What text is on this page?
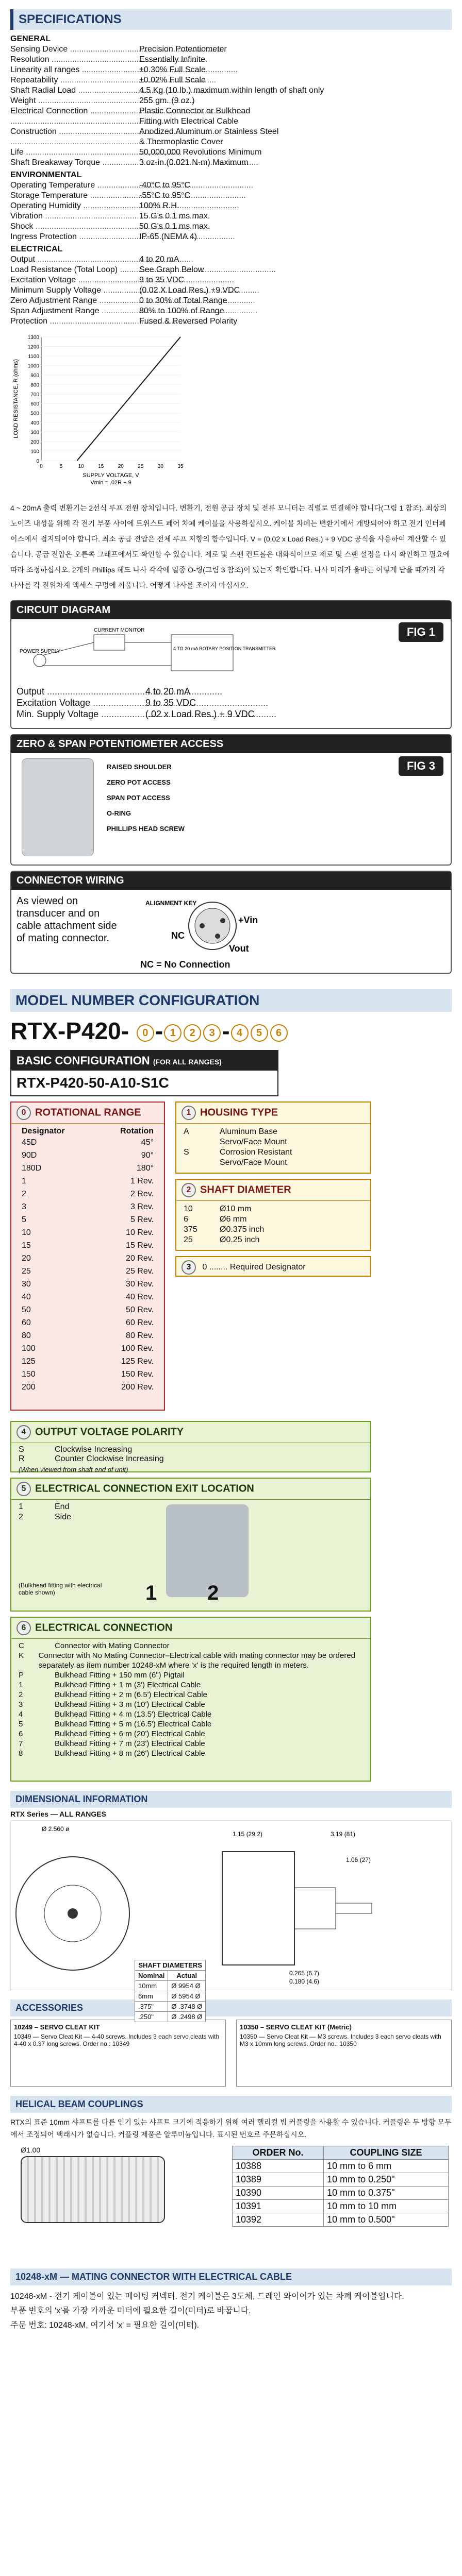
SPECIFICATIONS
GENERAL
Sensing Device .....	Precision Potentiometer
Resolution .....	Essentially Infinite
Linearity all ranges .....	±0.30% Full Scale
Repeatability .....	±0.02% Full Scale
Shaft Radial Load .....	4.5 Kg (10 lb.) maximum within length of shaft only
Weight .....	255 gm. (9 oz.)
Electrical Connection .....	Plastic Connector or Bulkhead
.....
Fitting with Electrical Cable
Construction .....	Anodized Aluminum or Stainless Steel
.....
& Thermoplastic Cover
Life .....	50,000,000 Revolutions Minimum
Shaft Breakaway Torque .....	3 oz-in.(0.021 N-m) Maximum
ENVIRONMENTAL
Operating Temperature .....	-40°C to 95°C
Storage Temperature .....	-55°C to 95°C
Operating Humidity .....	100% R.H.
Vibration .....	15 G's 0.1 ms max.
Shock .....	50 G's 0.1 ms max.
Ingress Protection .....	IP-65 (NEMA 4)
ELECTRICAL
Output .....	4 to 20 mA
Load Resistance (Total Loop) .....	See Graph Below
Excitation Voltage .....	9 to 35 VDC
Minimum Supply Voltage .....	(0.02 X Load Res.) +9 VDC
Zero Adjustment Range .....	0 to 30% of Total Range
Span Adjustment Range .....	80% to 100% of Range
Protection .....	Fused & Reversed Polarity
0
100
200
300
400
500
600
700
800
900
1000
1100
1200
1300
0	5	10	15	20	25	30	35
SUPPLY VOLTAGE, V
Vmin = .02R + 9
LOAD RESISTANCE, R (ohms)
4 ~ 20mA 출력 변환기는 2선식 루프 전원 장치입니다. 변환기, 전원 공급 장치 및 전류 모니터는 직렬로 연결해야 합니다(그림 1 참조). 최상의 노이즈 내성을 위해 각 전기 부품 사이에 트위스트 페어 차폐 케이블을 사용하십시오. 케이블 차폐는 변환기에서 개방되어야 하고 전기 인터페이스에서 접지되어야 합니다. 최소 공급 전압은 전체 루프 저항의 함수입니다. V = (0.02 x Load Res.) + 9 VDC 공식을 사용하여 계산할 수 있습니다. 공급 전압은 오른쪽 그래프에서도 확인할 수 있습니다. 제로 및 스팬 컨트롤은 대화식이므로 제로 및 스팬 설정을 다시 확인하고 필요에 따라 조정하십시오. 2개의 Phillips 헤드 나사 각각에 일종 O-링(그림 3 참조)이 있는지 확인합니다. 나사 머리가 올바른 어떻게 닫을 때까지 각 나사를 각 전위차계 액세스 구멍에 끼웁니다. 어떻게 나사를 조이지 마십시오.
CIRCUIT DIAGRAM
FIG 1
POWER SUPPLY
CURRENT MONITOR
4 TO 20 mA ROTARY POSITION TRANSMITTER
Output .....	4 to 20 mA
Excitation Voltage .....	9 to 35 VDC
Min. Supply Voltage .....	(.02 x Load Res.) + 9 VDC
ZERO & SPAN POTENTIOMETER ACCESS
FIG 3
RAISED SHOULDER
ZERO POT ACCESS
SPAN POT ACCESS
O-RING
PHILLIPS HEAD SCREW
CONNECTOR WIRING
As viewed on transducer and on cable attachment side of mating connector.
ALIGNMENT KEY
+Vin
Vout
NC
NC = No Connection
MODEL NUMBER CONFIGURATION
RTX-P420- 0 - 1 2 3 - 4 5 6
BASIC CONFIGURATION (FOR ALL RANGES)
RTX-P420-50-A10-S1C
0 ROTATIONAL RANGE
Designator	Rotation
45D	45°
90D	90°
180D	180°
1	1 Rev.
2	2 Rev.
3	3 Rev.
5	5 Rev.
10	10 Rev.
15	15 Rev.
20	20 Rev.
25	25 Rev.
30	30 Rev.
40	40 Rev.
50	50 Rev.
60	60 Rev.
80	80 Rev.
100	100 Rev.
125	125 Rev.
150	150 Rev.
200	200 Rev.
1 HOUSING TYPE
A	Aluminum Base
Servo/Face Mount
S	Corrosion Resistant
Servo/Face Mount
2 SHAFT DIAMETER
10	Ø10 mm
6	Ø6 mm
375	Ø0.375 inch
25	Ø0.25 inch
3 0 ........ Required Designator
4 OUTPUT VOLTAGE POLARITY
S	Clockwise Increasing
R	Counter Clockwise Increasing
(When viewed from shaft end of unit)
5 ELECTRICAL CONNECTION EXIT LOCATION
1	End
2	Side
(Bulkhead fitting with electrical cable shown)	1 2
6 ELECTRICAL CONNECTION
C	Connector with Mating Connector
K	Connector with No Mating Connector–Electrical cable with mating connector may be ordered separately as item number 10248-xM where 'x' is the required length in meters.
P	Bulkhead Fitting + 150 mm (6") Pigtail
1	Bulkhead Fitting + 1 m (3') Electrical Cable
2	Bulkhead Fitting + 2 m (6.5') Electrical Cable
3	Bulkhead Fitting + 3 m (10') Electrical Cable
4	Bulkhead Fitting + 4 m (13.5') Electrical Cable
5	Bulkhead Fitting + 5 m (16.5') Electrical Cable
6	Bulkhead Fitting + 6 m (20') Electrical Cable
7	Bulkhead Fitting + 7 m (23') Electrical Cable
8	Bulkhead Fitting + 8 m (26') Electrical Cable
DIMENSIONAL INFORMATION
RTX Series — ALL RANGES
Ø 2.560 ø
1.15 (29.2)	3.19 (81)
1.06 (27)
0.265 (6.7)
0.180 (4.6)
SHAFT DIAMETERS	
Nominal	Actual
10mm	Ø 9954 Ø
6mm	Ø 5954 Ø
.375"	Ø .3748 Ø
.250"	Ø .2498 Ø
ACCESSORIES
10249 – SERVO CLEAT KIT
10349 — Servo Cleat Kit — 4-40 screws. Includes 3 each servo cleats with 4-40 x 0.37 long screws. Order no.: 10349
10350 – SERVO CLEAT KIT (Metric)
10350 — Servo Cleat Kit — M3 screws. Includes 3 each servo cleats with M3 x 10mm long screws. Order no.: 10350
HELICAL BEAM COUPLINGS
RTX의 표준 10mm 샤프트를 다른 인기 있는 샤프트 크기에 적응하기 위해 여러 헬리컬 빔 커플링을 사용할 수 있습니다. 커플링은 두 방향 모두에서 조정되어 백래시가 없습니다. 커플링 제품은 알루미늄입니다. 표시된 번호로 주문하십시오.
Ø1.00	ORDER No.	COUPLING SIZE
10388	10 mm to 6 mm
10389	10 mm to 0.250"
10390	10 mm to 0.375"
10391	10 mm to 10 mm
10392	10 mm to 0.500"
10248-xM — MATING CONNECTOR WITH ELECTRICAL CABLE
10248-xM - 전기 케이블이 있는 메이팅 커넥터. 전기 케이블은 3도체, 드레인 와이어가 있는 차폐 케이블입니다.
부품 번호의 'x'를 가장 가까운 미터에 필요한 길이(미터)로 바꿉니다.
주문 번호: 10248-xM, 여기서 'x' = 필요한 길이(미터).
